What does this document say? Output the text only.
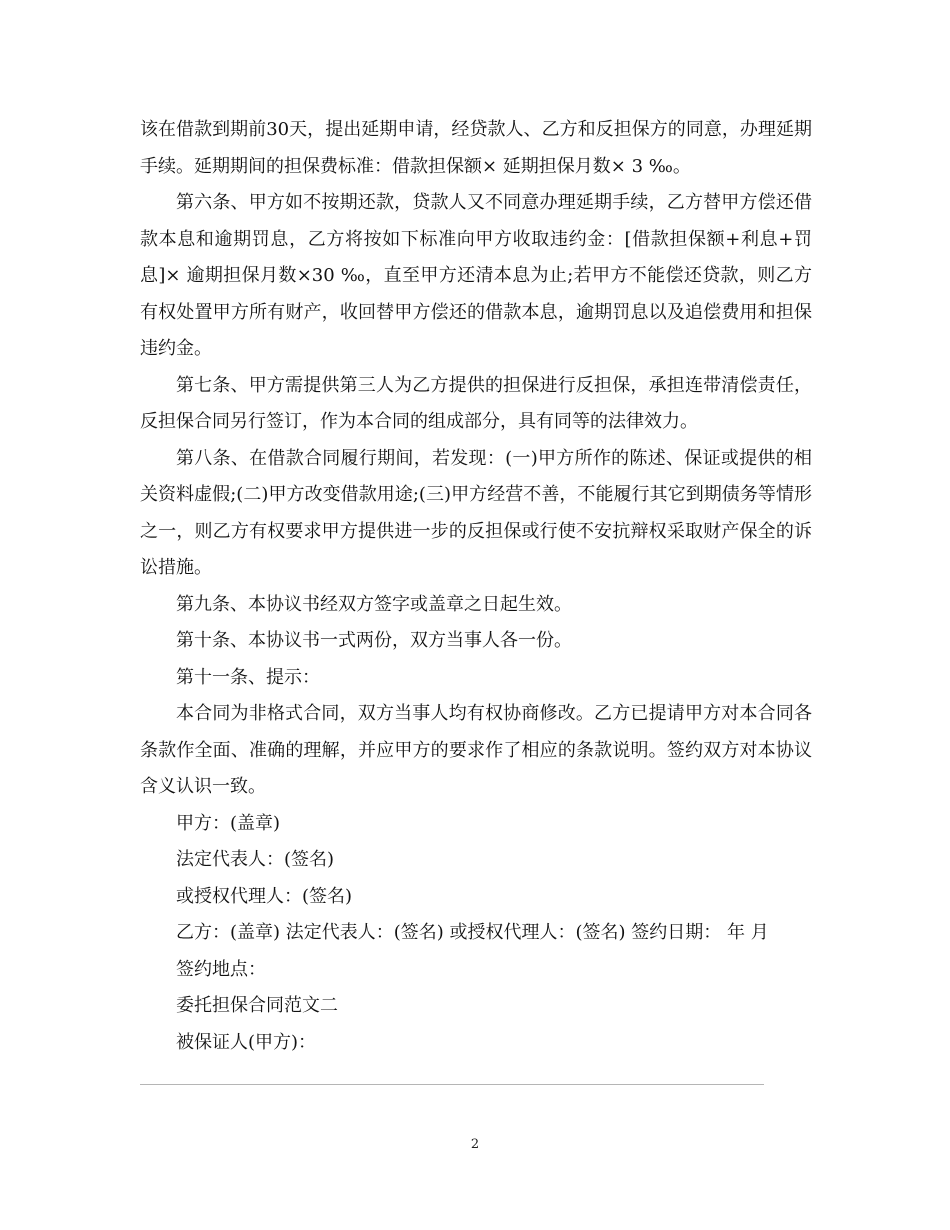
该在借款到期前30天，提出延期申请，经贷款人、乙方和反担保方的同意，办理延期手续。延期期间的担保费标准：借款担保额× 延期担保月数× 3 ‰。

第六条、甲方如不按期还款，贷款人又不同意办理延期手续，乙方替甲方偿还借款本息和逾期罚息，乙方将按如下标准向甲方收取违约金：[借款担保额+利息+罚息]× 逾期担保月数×30 ‰，直至甲方还清本息为止;若甲方不能偿还贷款，则乙方有权处置甲方所有财产，收回替甲方偿还的借款本息，逾期罚息以及追偿费用和担保违约金。

第七条、甲方需提供第三人为乙方提供的担保进行反担保，承担连带清偿责任，反担保合同另行签订，作为本合同的组成部分，具有同等的法律效力。

第八条、在借款合同履行期间，若发现：(一)甲方所作的陈述、保证或提供的相关资料虚假;(二)甲方改变借款用途;(三)甲方经营不善，不能履行其它到期债务等情形之一，则乙方有权要求甲方提供进一步的反担保或行使不安抗辩权采取财产保全的诉讼措施。

第九条、本协议书经双方签字或盖章之日起生效。

第十条、本协议书一式两份，双方当事人各一份。

第十一条、提示：

本合同为非格式合同，双方当事人均有权协商修改。乙方已提请甲方对本合同各条款作全面、准确的理解，并应甲方的要求作了相应的条款说明。签约双方对本协议含义认识一致。

甲方：(盖章)

法定代表人：(签名)

或授权代理人：(签名)

乙方：(盖章) 法定代表人：(签名) 或授权代理人：(签名) 签约日期： 年 月

签约地点：

委托担保合同范文二

被保证人(甲方)：

2
